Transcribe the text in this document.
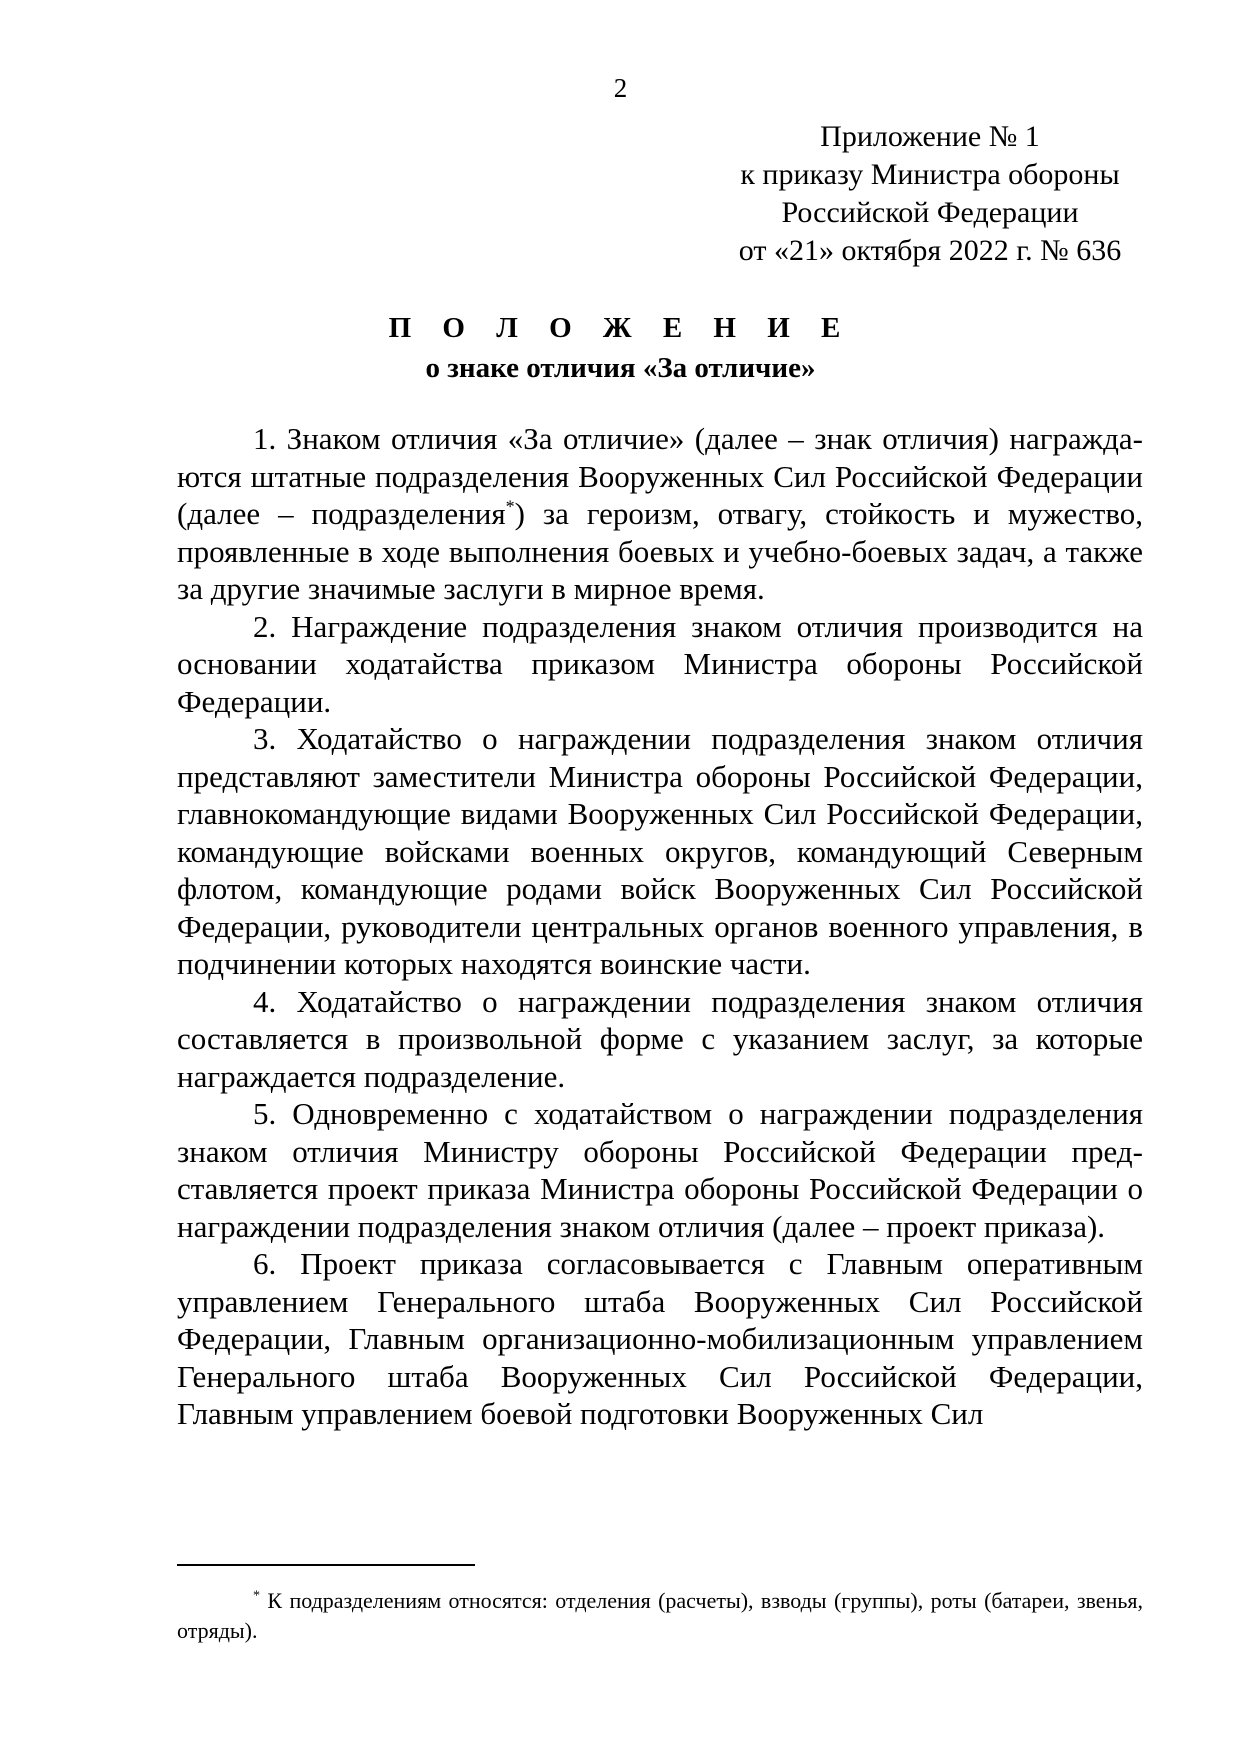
2
Приложение № 1
к приказу Министра обороны
Российской Федерации
от «21» октября 2022 г. № 636
П О Л О Ж Е Н И Е
о знаке отличия «За отличие»

1. Знаком отличия «За отличие» (далее – знак отличия) награждаются штатные подразделения Вооруженных Сил Российской Федерации (далее – подразделения*) за героизм, отвагу, стойкость и мужество, проявленные в ходе выполнения боевых и учебно-боевых задач, а также за другие значимые заслуги в мирное время.

2. Награждение подразделения знаком отличия производится на основании ходатайства приказом Министра обороны Российской Федерации.

3. Ходатайство о награждении подразделения знаком отличия представляют заместители Министра обороны Российской Федерации, главнокомандующие видами Вооруженных Сил Российской Федерации, командующие войсками военных округов, командующий Северным флотом, командующие родами войск Вооруженных Сил Российской Федерации, руководители центральных органов военного управления, в подчинении которых находятся воинские части.

4. Ходатайство о награждении подразделения знаком отличия составляется в произвольной форме с указанием заслуг, за которые награждается подразделение.

5. Одновременно с ходатайством о награждении подразделения знаком отличия Министру обороны Российской Федерации представляется проект приказа Министра обороны Российской Федерации о награждении подразделения знаком отличия (далее – проект приказа).

6. Проект приказа согласовывается с Главным оперативным управлением Генерального штаба Вооруженных Сил Российской Федерации, Главным организационно-мобилизационным управлением Генерального штаба Вооруженных Сил Российской Федерации, Главным управлением боевой подготовки Вооруженных Сил

* К подразделениям относятся: отделения (расчеты), взводы (группы), роты (батареи, звенья, отряды).
